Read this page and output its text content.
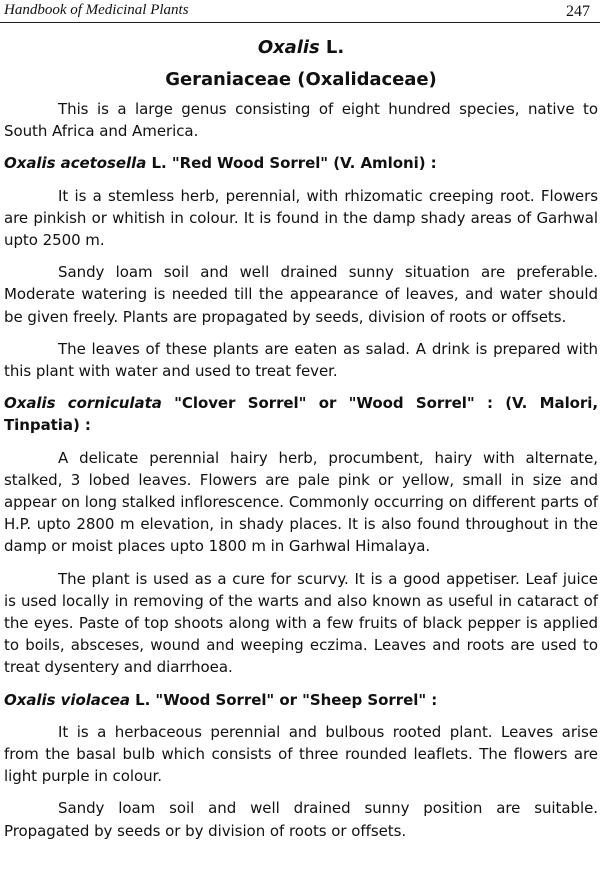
Handbook of Medicinal Plants	247
Oxalis L.
Geraniaceae (Oxalidaceae)

This is a large genus consisting of eight hundred species, native to South Africa and America.

Oxalis acetosella L. "Red Wood Sorrel" (V. Amloni) :

It is a stemless herb, perennial, with rhizomatic creeping root. Flowers are pinkish or whitish in colour. It is found in the damp shady areas of Garhwal upto 2500 m.

Sandy loam soil and well drained sunny situation are preferable. Moderate watering is needed till the appearance of leaves, and water should be given freely. Plants are propagated by seeds, division of roots or offsets.

The leaves of these plants are eaten as salad. A drink is prepared with this plant with water and used to treat fever.

Oxalis corniculata "Clover Sorrel" or "Wood Sorrel" : (V. Malori, Tinpatia) :

A delicate perennial hairy herb, procumbent, hairy with alternate, stalked, 3 lobed leaves. Flowers are pale pink or yellow, small in size and appear on long stalked inflorescence. Commonly occurring on different parts of H.P. upto 2800 m elevation, in shady places. It is also found throughout in the damp or moist places upto 1800 m in Garhwal Himalaya.

The plant is used as a cure for scurvy. It is a good appetiser. Leaf juice is used locally in removing of the warts and also known as useful in cataract of the eyes. Paste of top shoots along with a few fruits of black pepper is applied to boils, absceses, wound and weeping eczima. Leaves and roots are used to treat dysentery and diarrhoea.

Oxalis violacea L. "Wood Sorrel" or "Sheep Sorrel" :

It is a herbaceous perennial and bulbous rooted plant. Leaves arise from the basal bulb which consists of three rounded leaflets. The flowers are light purple in colour.

Sandy loam soil and well drained sunny position are suitable. Propagated by seeds or by division of roots or offsets.
